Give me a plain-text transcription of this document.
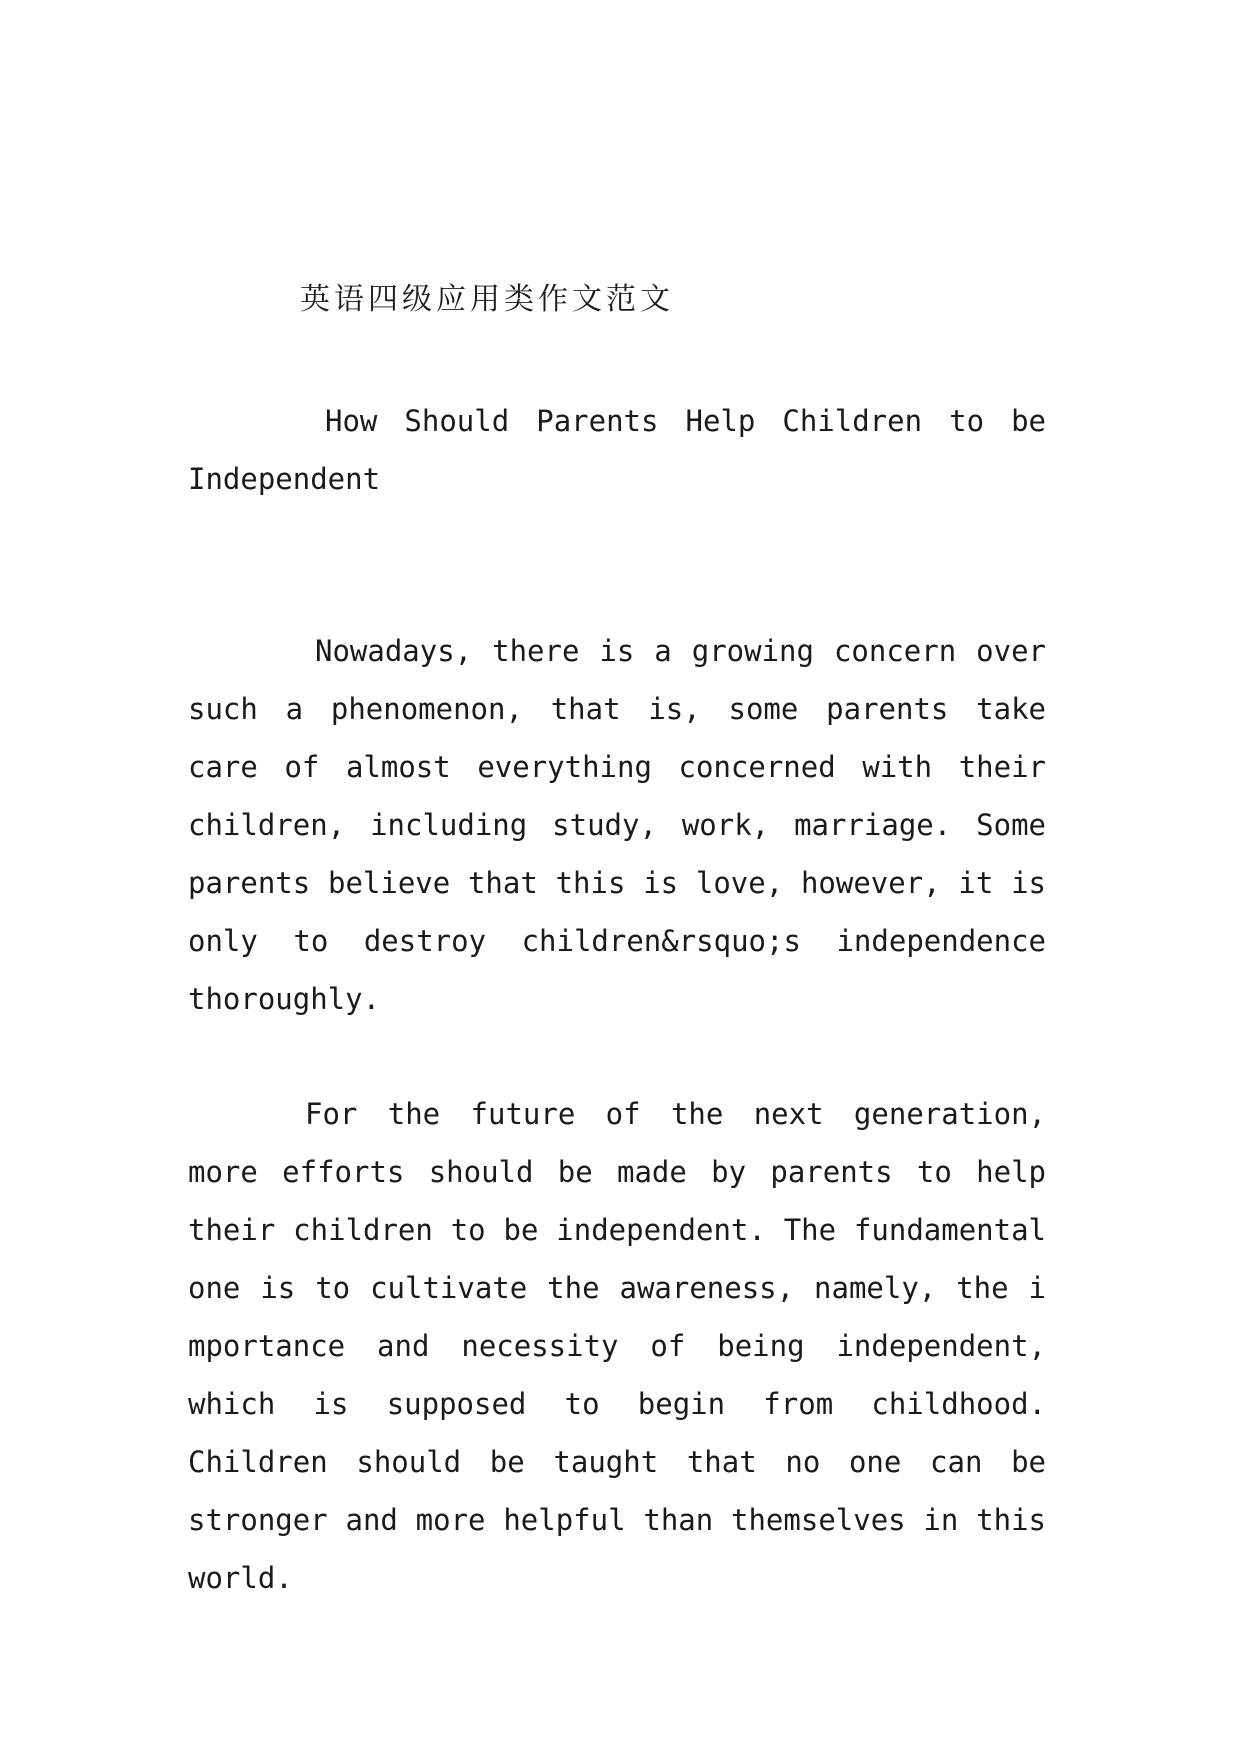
英语四级应用类作文范文
How Should Parents Help Children to be Independent

Nowadays, there is a growing concern over such a phenomenon, that is, some parents take care of almost everything concerned with their children, including study, work, marriage. Some parents believe that this is love, however, it is only to destroy children&rsquo;s independence thoroughly.

For the future of the next generation, more efforts should be made by parents to help their children to be independent. The fundamental one is to cultivate the awareness, namely, the i mportance and necessity of being independent, which is supposed to begin from childhood. Children should be taught that no one can be stronger and more helpful than themselves in this world.
